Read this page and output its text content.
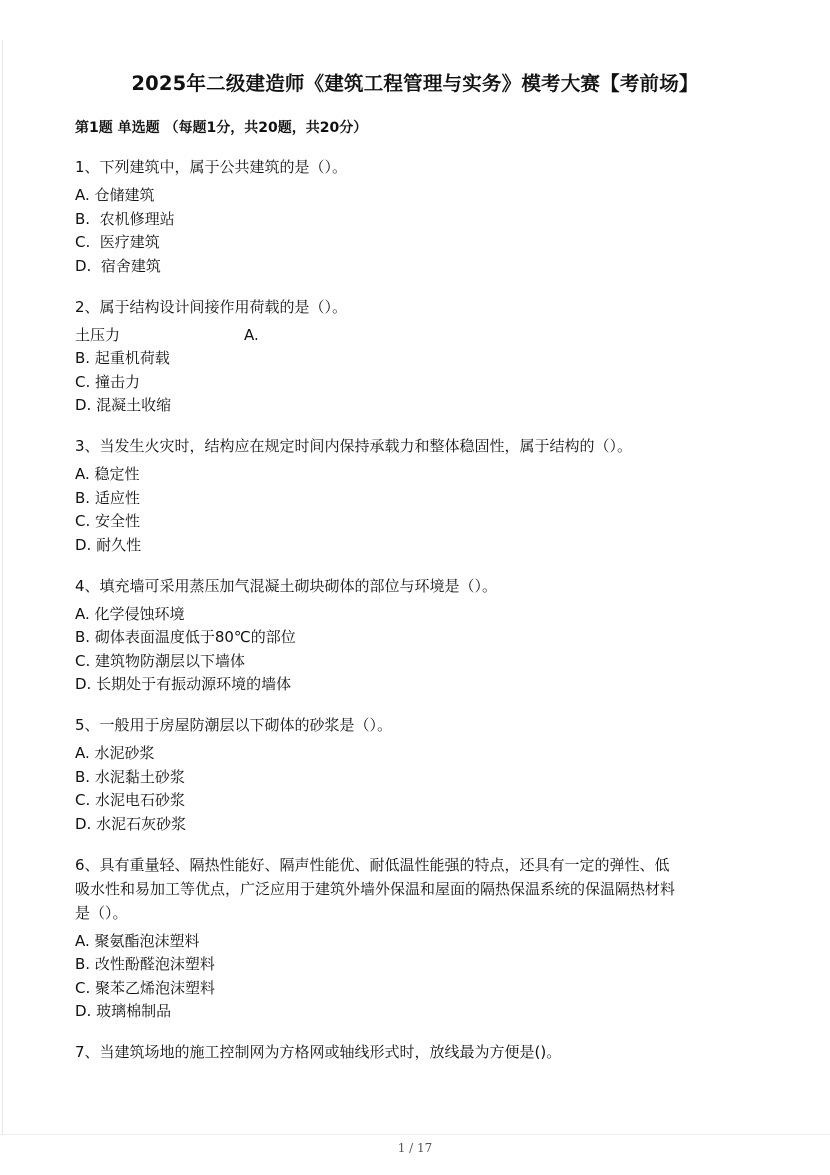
2025年二级建造师《建筑工程管理与实务》模考大赛【考前场】
第1题 单选题 （每题1分，共20题，共20分）
1、下列建筑中，属于公共建筑的是（）。
A. 仓储建筑
B.  农机修理站
C.  医疗建筑
D.  宿舍建筑
2、属于结构设计间接作用荷载的是（）。
土压力	A.
B. 起重机荷载
C. 撞击力
D. 混凝土收缩
3、当发生火灾时，结构应在规定时间内保持承载力和整体稳固性，属于结构的（）。
A. 稳定性
B. 适应性
C. 安全性
D. 耐久性
4、填充墙可采用蒸压加气混凝土砌块砌体的部位与环境是（）。
A. 化学侵蚀环境
B. 砌体表面温度低于80℃的部位
C. 建筑物防潮层以下墙体
D. 长期处于有振动源环境的墙体
5、一般用于房屋防潮层以下砌体的砂浆是（）。
A. 水泥砂浆
B. 水泥黏土砂浆
C. 水泥电石砂浆
D. 水泥石灰砂浆
6、具有重量轻、隔热性能好、隔声性能优、耐低温性能强的特点，还具有一定的弹性、低
吸水性和易加工等优点，广泛应用于建筑外墙外保温和屋面的隔热保温系统的保温隔热材料
是（）。
A. 聚氨酯泡沫塑料
B. 改性酚醛泡沫塑料
C. 聚苯乙烯泡沫塑料
D. 玻璃棉制品
7、当建筑场地的施工控制网为方格网或轴线形式时，放线最为方便是()。
1 / 17
